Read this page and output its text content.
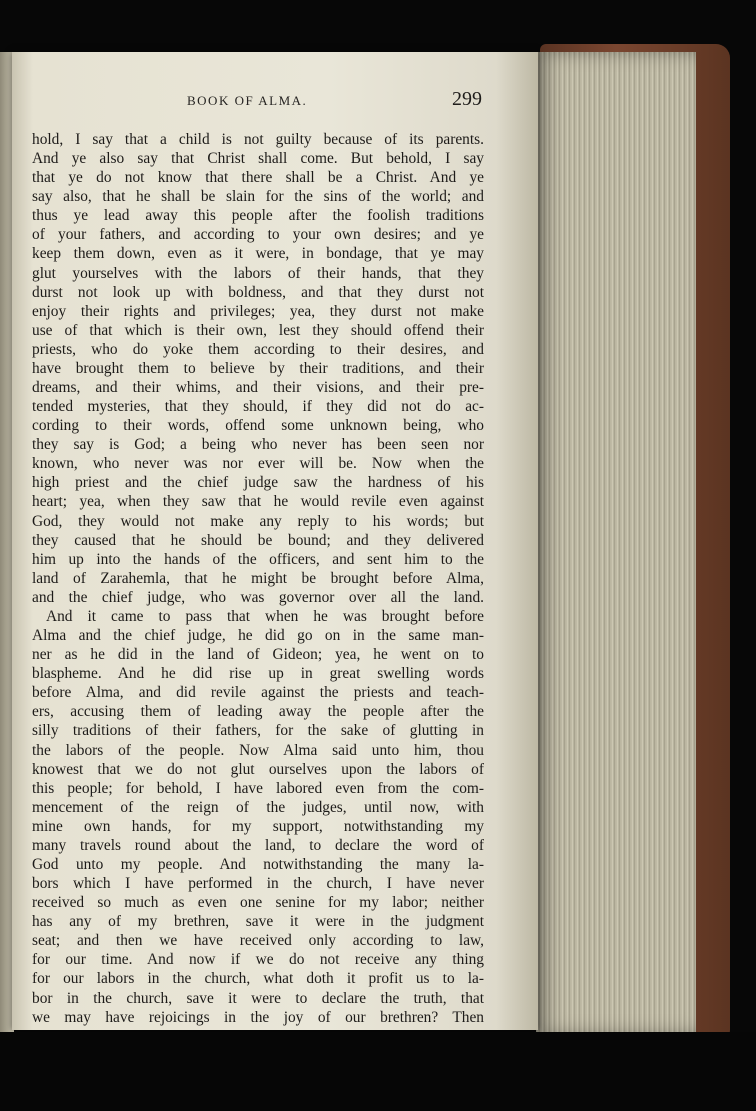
BOOK OF ALMA.	299
hold, I say that a child is not guilty because of its parents.
And ye also say that Christ shall come. But behold, I say
that ye do not know that there shall be a Christ. And ye
say also, that he shall be slain for the sins of the world; and
thus ye lead away this people after the foolish traditions
of your fathers, and according to your own desires; and ye
keep them down, even as it were, in bondage, that ye may
glut yourselves with the labors of their hands, that they
durst not look up with boldness, and that they durst not
enjoy their rights and privileges; yea, they durst not make
use of that which is their own, lest they should offend their
priests, who do yoke them according to their desires, and
have brought them to believe by their traditions, and their
dreams, and their whims, and their visions, and their pre-
tended mysteries, that they should, if they did not do ac-
cording to their words, offend some unknown being, who
they say is God; a being who never has been seen nor
known, who never was nor ever will be. Now when the
high priest and the chief judge saw the hardness of his
heart; yea, when they saw that he would revile even against
God, they would not make any reply to his words; but
they caused that he should be bound; and they delivered
him up into the hands of the officers, and sent him to the
land of Zarahemla, that he might be brought before Alma,
and the chief judge, who was governor over all the land.
And it came to pass that when he was brought before
Alma and the chief judge, he did go on in the same man-
ner as he did in the land of Gideon; yea, he went on to
blaspheme. And he did rise up in great swelling words
before Alma, and did revile against the priests and teach-
ers, accusing them of leading away the people after the
silly traditions of their fathers, for the sake of glutting in
the labors of the people. Now Alma said unto him, thou
knowest that we do not glut ourselves upon the labors of
this people; for behold, I have labored even from the com-
mencement of the reign of the judges, until now, with
mine own hands, for my support, notwithstanding my
many travels round about the land, to declare the word of
God unto my people. And notwithstanding the many la-
bors which I have performed in the church, I have never
received so much as even one senine for my labor; neither
has any of my brethren, save it were in the judgment
seat; and then we have received only according to law,
for our time. And now if we do not receive any thing
for our labors in the church, what doth it profit us to la-
bor in the church, save it were to declare the truth, that
we may have rejoicings in the joy of our brethren? Then
